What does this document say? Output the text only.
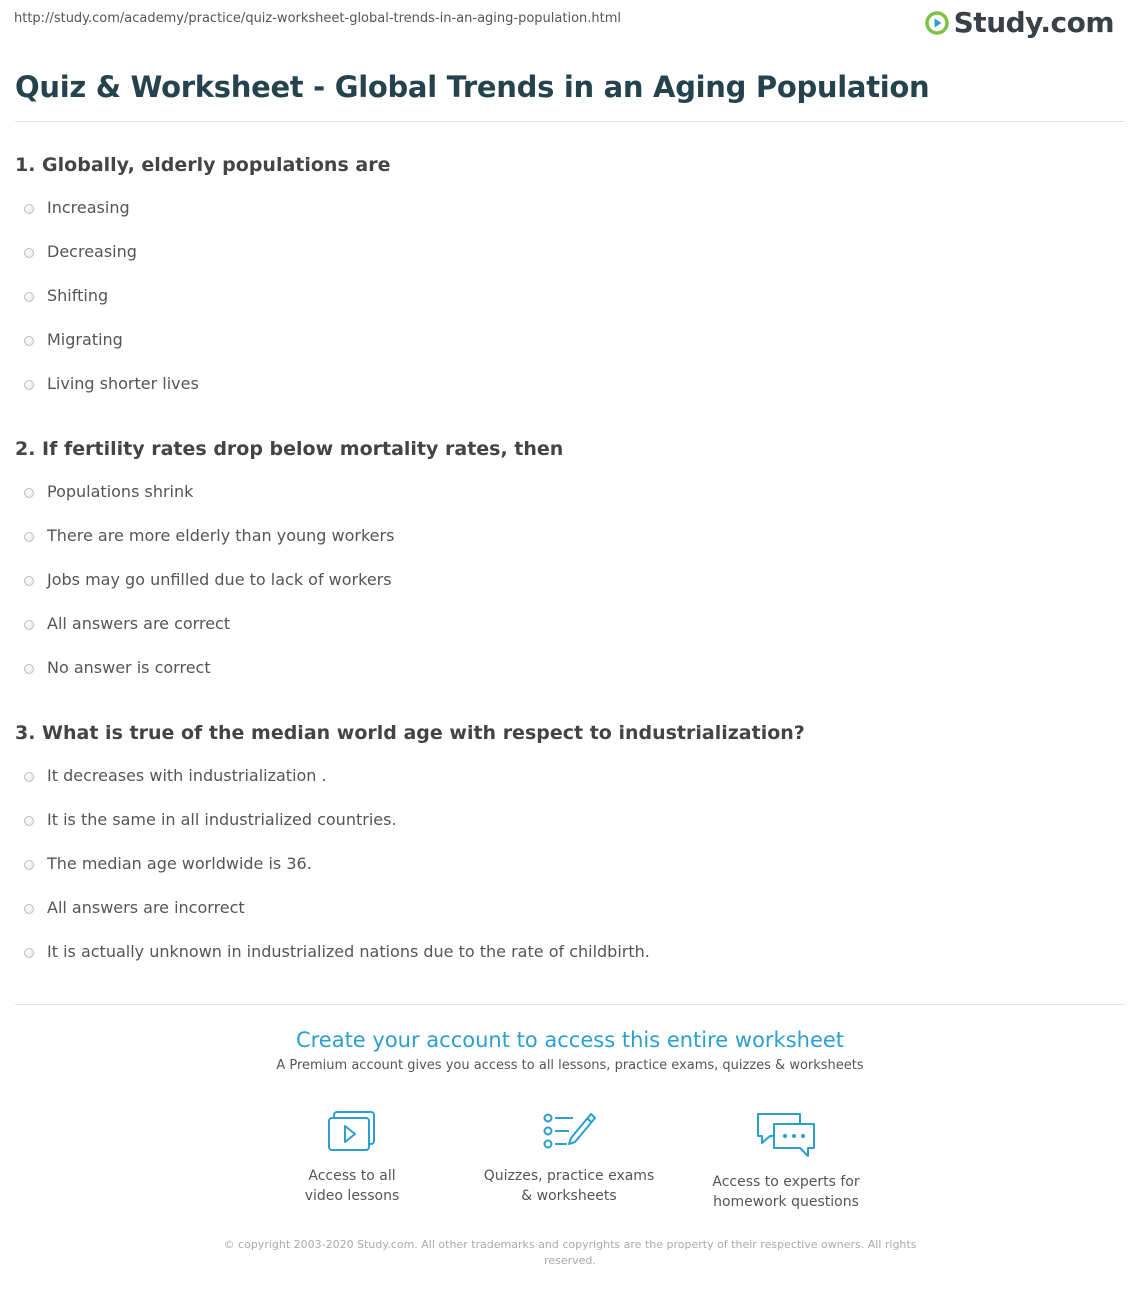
http://study.com/academy/practice/quiz-worksheet-global-trends-in-an-aging-population.html	Study.com
Quiz & Worksheet - Global Trends in an Aging Population
1. Globally, elderly populations are
Increasing
Decreasing
Shifting
Migrating
Living shorter lives
2. If fertility rates drop below mortality rates, then
Populations shrink
There are more elderly than young workers
Jobs may go unfilled due to lack of workers
All answers are correct
No answer is correct
3. What is true of the median world age with respect to industrialization?
It decreases with industrialization .
It is the same in all industrialized countries.
The median age worldwide is 36.
All answers are incorrect
It is actually unknown in industrialized nations due to the rate of childbirth.
Create your account to access this entire worksheet
A Premium account gives you access to all lessons, practice exams, quizzes & worksheets
Access to all
video lessons
Quizzes, practice exams
& worksheets
Access to experts for
homework questions
© copyright 2003-2020 Study.com. All other trademarks and copyrights are the property of their respective owners. All rights reserved.
